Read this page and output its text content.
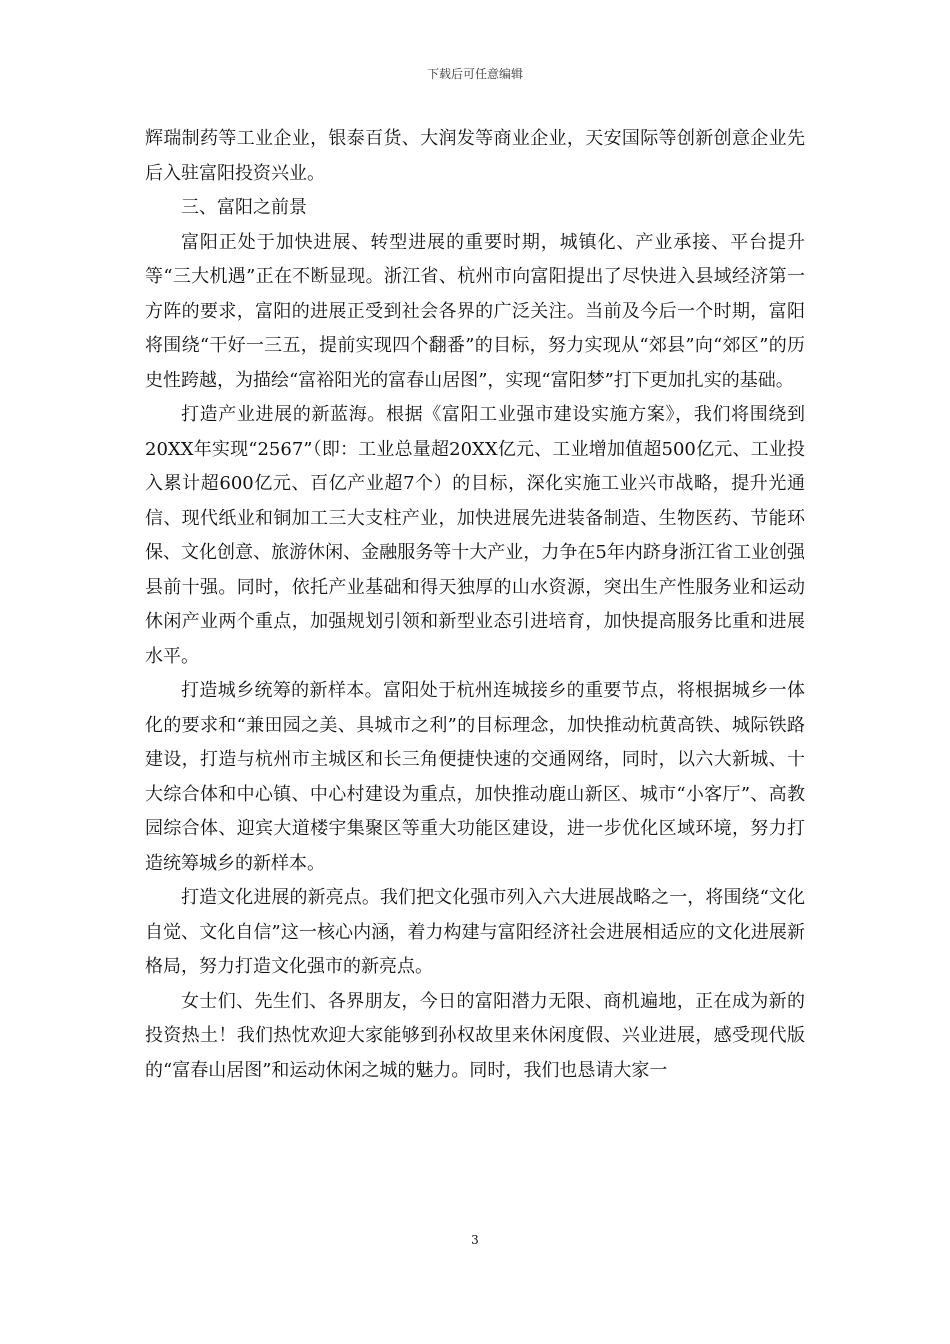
下载后可任意编辑

辉瑞制药等工业企业，银泰百货、大润发等商业企业，天安国际等创新创意企业先后入驻富阳投资兴业。

三、富阳之前景

富阳正处于加快进展、转型进展的重要时期，城镇化、产业承接、平台提升等“三大机遇”正在不断显现。浙江省、杭州市向富阳提出了尽快进入县域经济第一方阵的要求，富阳的进展正受到社会各界的广泛关注。当前及今后一个时期，富阳将围绕“干好一三五，提前实现四个翻番”的目标，努力实现从“郊县”向“郊区”的历史性跨越，为描绘“富裕阳光的富春山居图”，实现“富阳梦”打下更加扎实的基础。

打造产业进展的新蓝海。根据《富阳工业强市建设实施方案》，我们将围绕到20XX年实现“2567”（即：工业总量超20XX亿元、工业增加值超500亿元、工业投入累计超600亿元、百亿产业超7个）的目标，深化实施工业兴市战略，提升光通信、现代纸业和铜加工三大支柱产业，加快进展先进装备制造、生物医药、节能环保、文化创意、旅游休闲、金融服务等十大产业，力争在5年内跻身浙江省工业创强县前十强。同时，依托产业基础和得天独厚的山水资源，突出生产性服务业和运动休闲产业两个重点，加强规划引领和新型业态引进培育，加快提高服务比重和进展水平。

打造城乡统筹的新样本。富阳处于杭州连城接乡的重要节点，将根据城乡一体化的要求和“兼田园之美、具城市之利”的目标理念，加快推动杭黄高铁、城际铁路建设，打造与杭州市主城区和长三角便捷快速的交通网络，同时，以六大新城、十大综合体和中心镇、中心村建设为重点，加快推动鹿山新区、城市“小客厅”、高教园综合体、迎宾大道楼宇集聚区等重大功能区建设，进一步优化区域环境，努力打造统筹城乡的新样本。

打造文化进展的新亮点。我们把文化强市列入六大进展战略之一，将围绕“文化自觉、文化自信”这一核心内涵，着力构建与富阳经济社会进展相适应的文化进展新格局，努力打造文化强市的新亮点。

女士们、先生们、各界朋友，今日的富阳潜力无限、商机遍地，正在成为新的投资热土！我们热忱欢迎大家能够到孙权故里来休闲度假、兴业进展，感受现代版的“富春山居图”和运动休闲之城的魅力。同时，我们也恳请大家一

3
